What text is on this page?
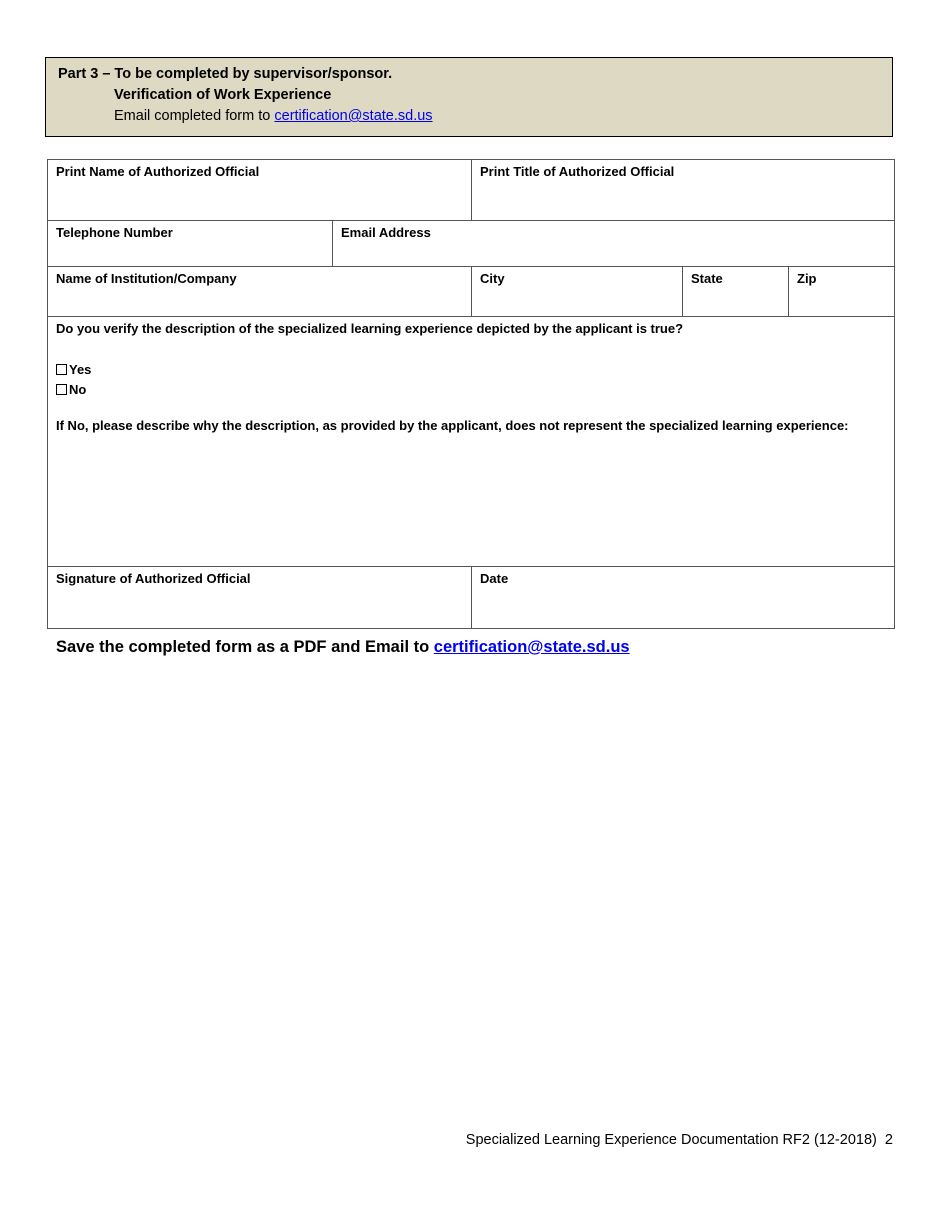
Part 3 – To be completed by supervisor/sponsor.
Verification of Work Experience
Email completed form to certification@state.sd.us
Print Name of Authorized Official	Print Title of Authorized Official
Telephone Number	Email Address
Name of Institution/Company	City	State	Zip
Do you verify the description of the specialized learning experience depicted by the applicant is true?
Yes
No
If No, please describe why the description, as provided by the applicant, does not represent the specialized learning experience:
Signature of Authorized Official	Date
Save the completed form as a PDF and Email to certification@state.sd.us
Specialized Learning Experience Documentation RF2 (12-2018) 2
